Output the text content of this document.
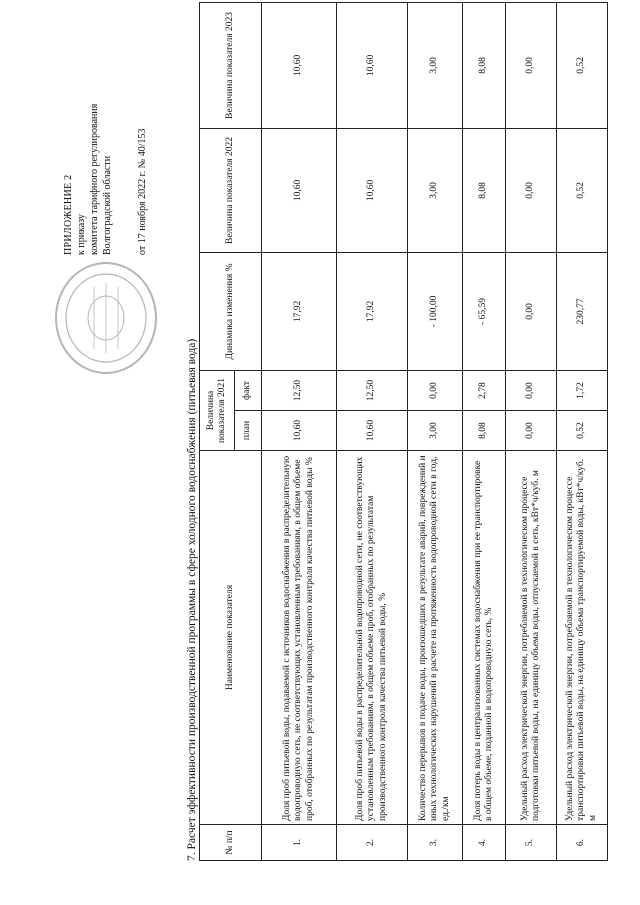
ПРИЛОЖЕНИЕ 2 к приказу комитета тарифного регулирования Волгоградской области от 17 ноября 2022 г. № 40/153
7. Расчет эффективности производственной программы в сфере холодного водоснабжения (питьевая вода)	№ п/п	Наименование показателя	Величина показателя 2021		Динамика изменения %	Величина показателя 2022	Величина показателя 2023
		план	факт			
1.	Доля проб питьевой воды, подаваемой с источников водоснабжения в распределительную водопроводную сеть, не соответствующих установленным требованиям, в общем объеме проб, отобранных по результатам производственного контроля качества питьевой воды %	10,60	12,50	17,92	10,60	10,60
2.	Доля проб питьевой воды в распределительной водопроводной сети, не соответствующих установленным требованиям, в общем объеме проб, отобранных по результатам производственного контроля качества питьевой воды, %	10,60	12,50	17,92	10,60	10,60
3.	Количество перерывов в подаче воды, произошедших в результате аварий, повреждений и иных технологических нарушений в расчете на протяженность водопроводной сети в год, ед./км	3,00	0,00	- 100,00	3,00	3,00
4.	Доля потерь воды в централизованных системах водоснабжения при ее транспортировке в общем объеме, поданной в водопроводную сеть, %	8,08	2,78	- 65,59	8,08	8,08
5.	Удельный расход электрической энергии, потребляемой в технологическом процессе подготовки питьевой воды, на единицу объема воды, отпускаемой в сеть, кВт*ч/куб. м	0,00	0,00	0,00	0,00	0,00
6.	Удельный расход электрической энергии, потребляемой в технологическом процессе транспортировки питьевой воды, на единицу объема транспортируемой воды, кВт*ч/куб. м	0,52	1,72	230,77	0,52	0,52
